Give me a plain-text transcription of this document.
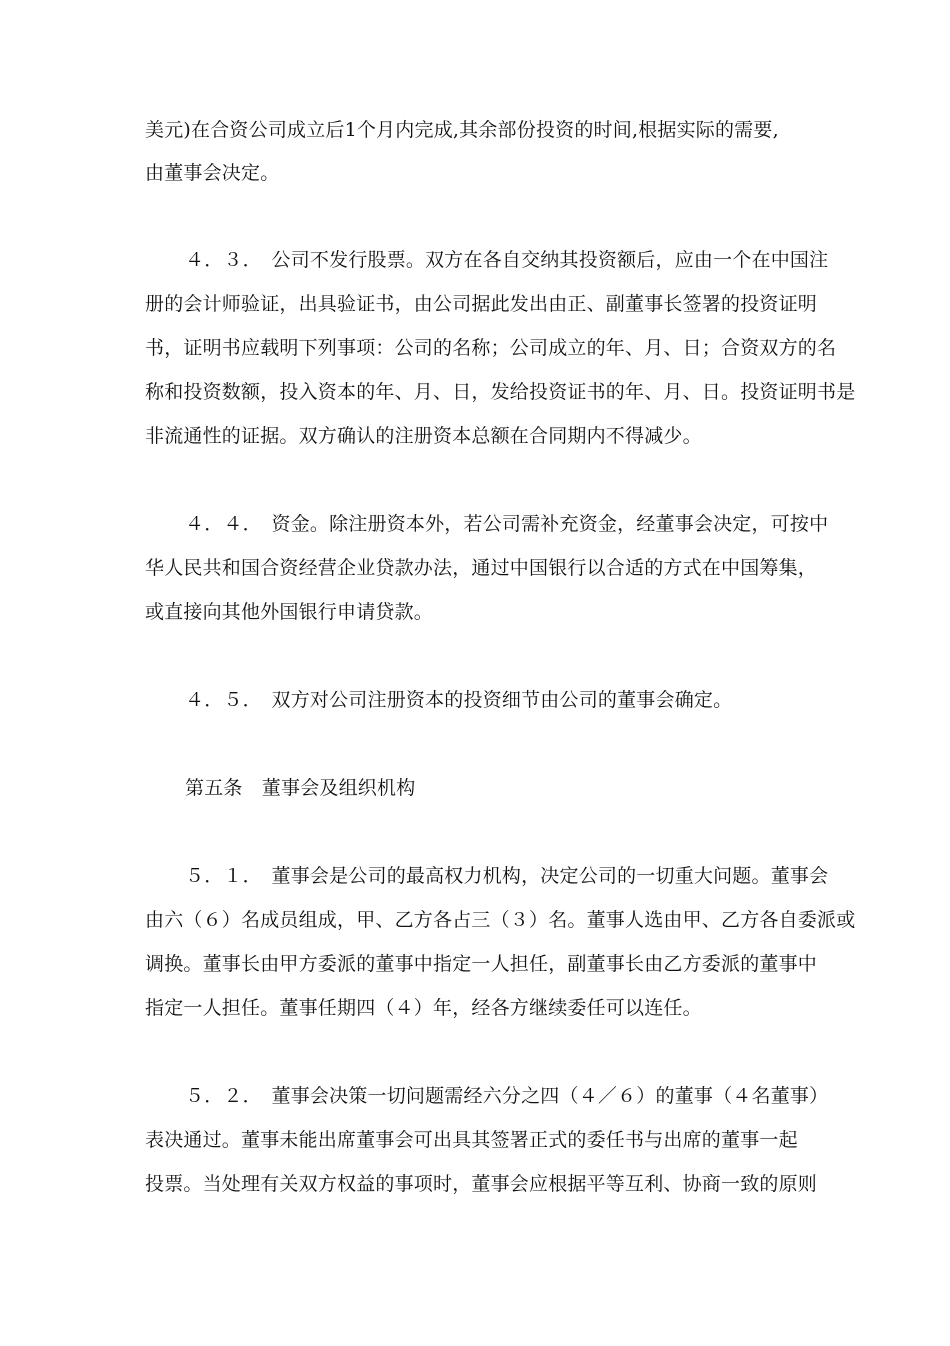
美元)在合资公司成立后1个月内完成,其余部份投资的时间,根据实际的需要,
由董事会决定。
４．３．　公司不发行股票。双方在各自交纳其投资额后，应由一个在中国注
册的会计师验证，出具验证书，由公司据此发出由正、副董事长签署的投资证明
书，证明书应载明下列事项：公司的名称；公司成立的年、月、日；合资双方的名
称和投资数额，投入资本的年、月、日，发给投资证书的年、月、日。投资证明书是
非流通性的证据。双方确认的注册资本总额在合同期内不得减少。
４．４．　资金。除注册资本外，若公司需补充资金，经董事会决定，可按中
华人民共和国合资经营企业贷款办法，通过中国银行以合适的方式在中国筹集，
或直接向其他外国银行申请贷款。
４．５．　双方对公司注册资本的投资细节由公司的董事会确定。
第五条　董事会及组织机构
５．１．　董事会是公司的最高权力机构，决定公司的一切重大问题。董事会
由六（６）名成员组成，甲、乙方各占三（３）名。董事人选由甲、乙方各自委派或
调换。董事长由甲方委派的董事中指定一人担任，副董事长由乙方委派的董事中
指定一人担任。董事任期四（４）年，经各方继续委任可以连任。
５．２．　董事会决策一切问题需经六分之四（４／６）的董事（４名董事）
表决通过。董事未能出席董事会可出具其签署正式的委任书与出席的董事一起
投票。当处理有关双方权益的事项时，董事会应根据平等互利、协商一致的原则
